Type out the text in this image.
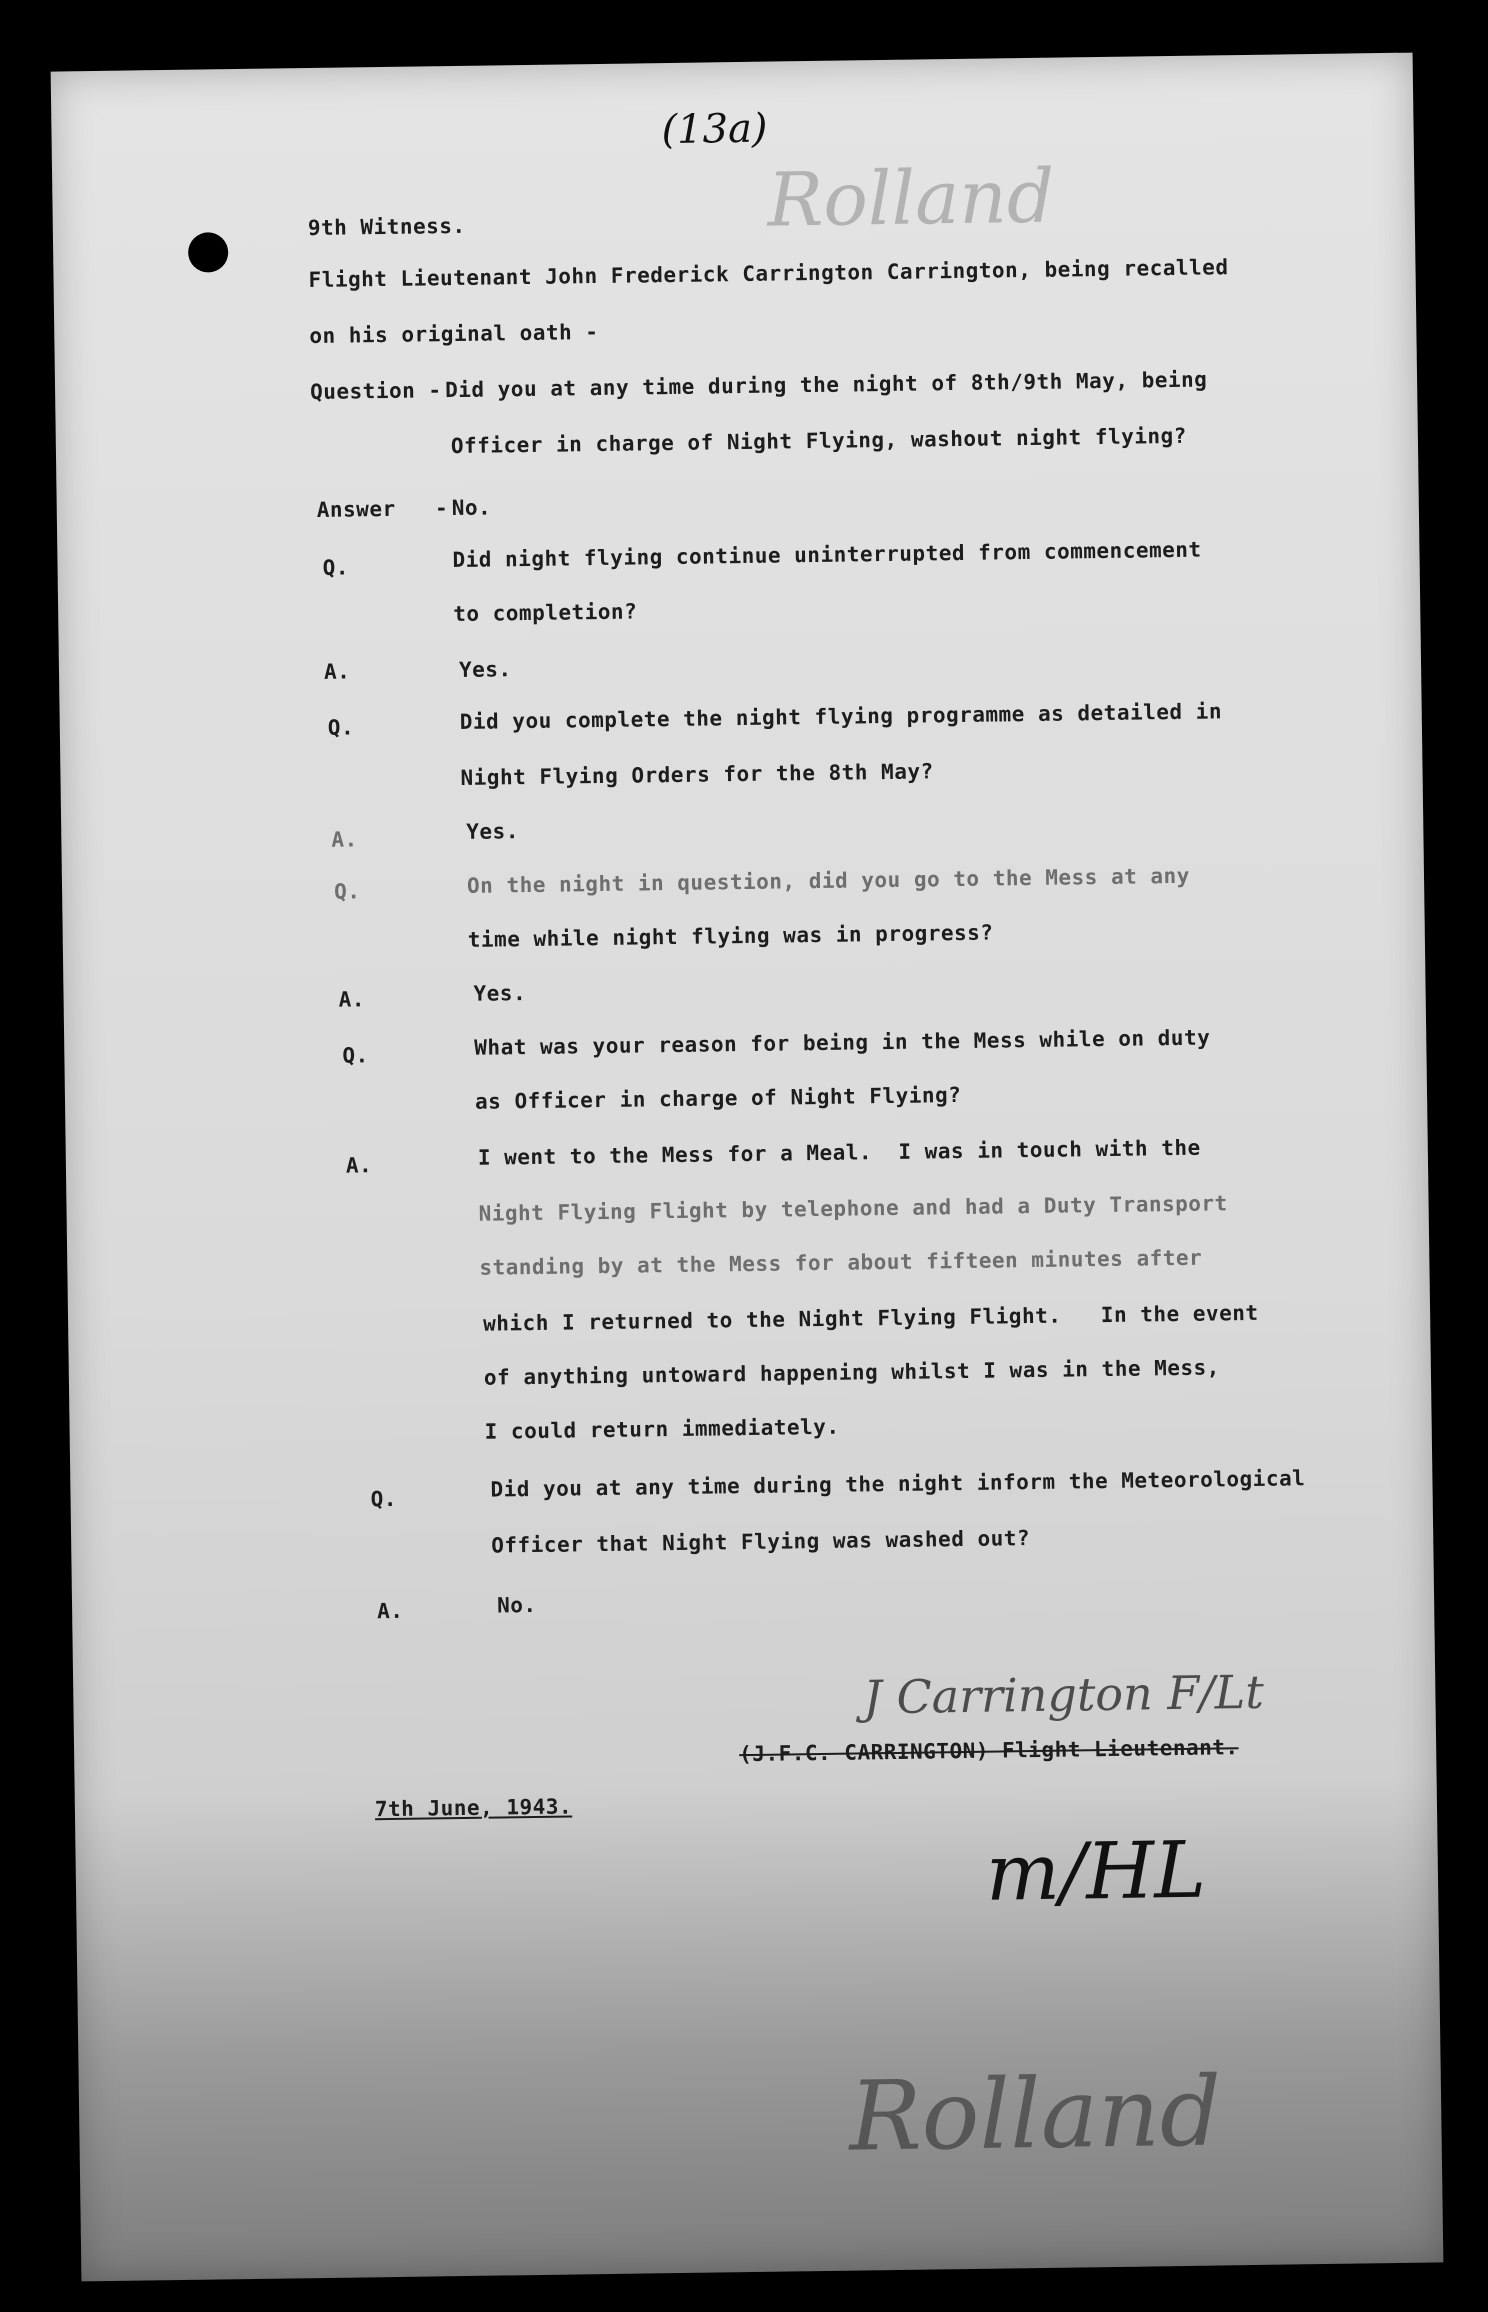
(13a)
Rolland
9th Witness.
Flight Lieutenant John Frederick Carrington Carrington, being recalled
on his original oath -
Question - Did you at any time during the night of 8th/9th May, being
Officer in charge of Night Flying, washout night flying?
Answer   - No.
Q.	Did night flying continue uninterrupted from commencement
to completion?
A.	Yes.
Q.	Did you complete the night flying programme as detailed in
Night Flying Orders for the 8th May?
A.	Yes.
Q.	On the night in question, did you go to the Mess at any
time while night flying was in progress?
A.	Yes.
Q.	What was your reason for being in the Mess while on duty
as Officer in charge of Night Flying?
A.	I went to the Mess for a Meal.  I was in touch with the
Night Flying Flight by telephone and had a Duty Transport
standing by at the Mess for about fifteen minutes after
which I returned to the Night Flying Flight.   In the event
of anything untoward happening whilst I was in the Mess,
I could return immediately.
Q.	Did you at any time during the night inform the Meteorological
Officer that Night Flying was washed out?
A.	No.
J Carrington F/Lt
(J.F.C. CARRINGTON) Flight Lieutenant.
7th June, 1943.
m/HL
Rolland
